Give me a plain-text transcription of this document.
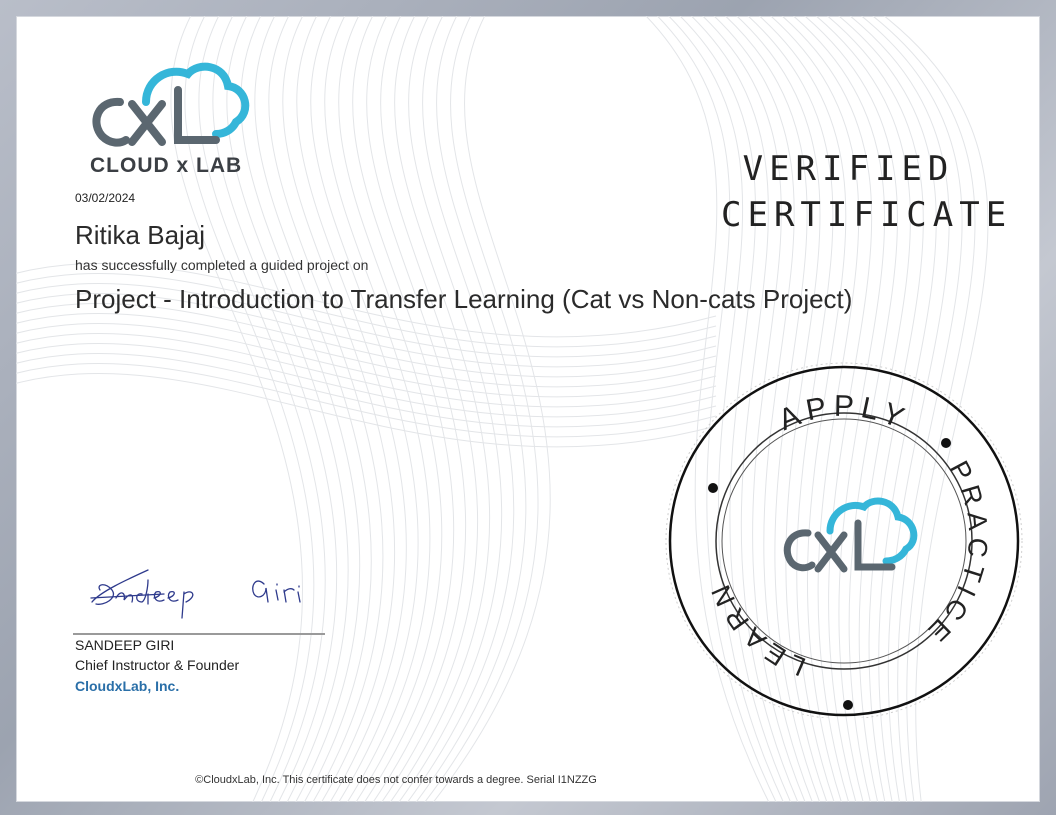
CLOUD x LAB
03/02/2024
Ritika Bajaj
has successfully completed a guided project on
Project - Introduction to Transfer Learning (Cat vs Non-cats Project)
VERIFIED
CERTIFICATE
APPLY
PRACTICE
LEARN
SANDEEP GIRI
Chief Instructor & Founder
CloudxLab, Inc.
©CloudxLab, Inc. This certificate does not confer towards a degree. Serial I1NZZG
